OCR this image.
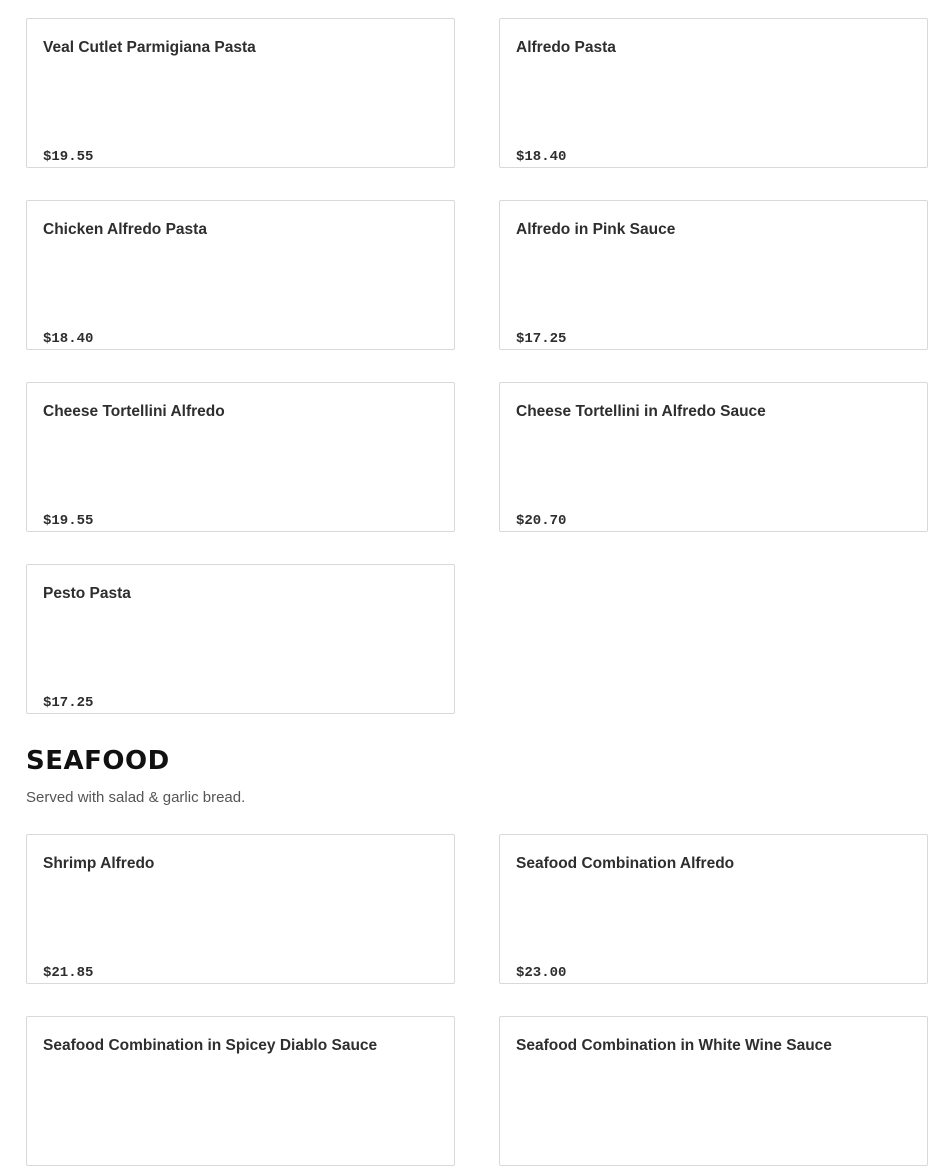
Veal Cutlet Parmigiana Pasta
$19.55
Alfredo Pasta
$18.40
Chicken Alfredo Pasta
$18.40
Alfredo in Pink Sauce
$17.25
Cheese Tortellini Alfredo
$19.55
Cheese Tortellini in Alfredo Sauce
$20.70
Pesto Pasta
$17.25
SEAFOOD

Served with salad & garlic bread.

Shrimp Alfredo
$21.85
Seafood Combination Alfredo
$23.00
Seafood Combination in Spicey Diablo Sauce	Seafood Combination in White Wine Sauce
